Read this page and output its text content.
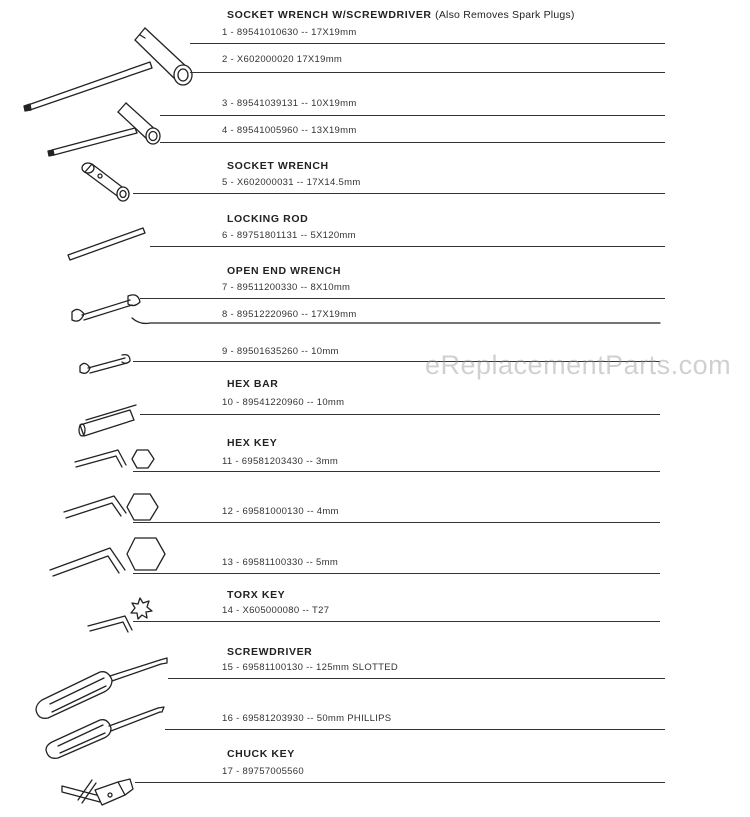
SOCKET WRENCH W/SCREWDRIVER (Also Removes Spark Plugs)
SOCKET WRENCH
LOCKING ROD
OPEN END WRENCH
HEX BAR
HEX KEY
TORX KEY
SCREWDRIVER
CHUCK KEY
1 - 89541010630 -- 17X19mm
2 - X602000020 17X19mm
3 - 89541039131 -- 10X19mm
4 - 89541005960 -- 13X19mm
5 - X602000031 -- 17X14.5mm
6 - 89751801131 -- 5X120mm
7 - 89511200330 -- 8X10mm
8 - 89512220960 -- 17X19mm
9 - 89501635260 -- 10mm
10 - 89541220960 -- 10mm
11 - 69581203430 -- 3mm
12 - 69581000130 -- 4mm
13 - 69581100330 -- 5mm
14 - X605000080 -- T27
15 - 69581100130 -- 125mm SLOTTED
16 - 69581203930 -- 50mm PHILLIPS
17 - 89757005560
eReplacementParts.com
